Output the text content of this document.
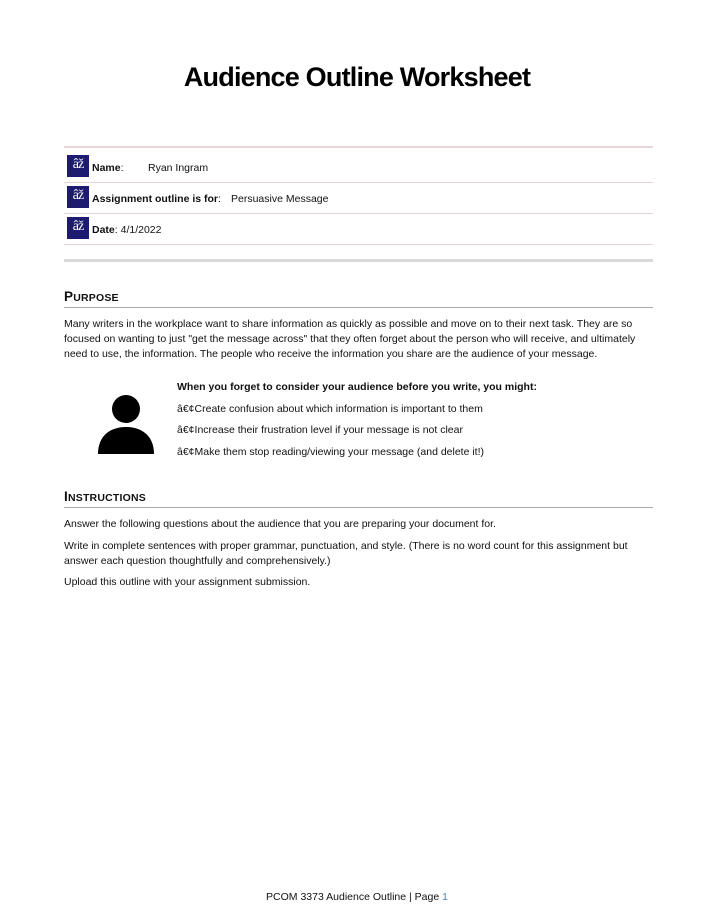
Audience Outline Worksheet
âž Name: Ryan Ingram
âž Assignment outline is for: Persuasive Message
âž Date: 4/1/2022
PURPOSE
Many writers in the workplace want to share information as quickly as possible and move on to their next task. They are so focused on wanting to just "get the message across" that they often forget about the person who will receive, and ultimately need to use, the information. The people who receive the information you share are the audience of your message.
When you forget to consider your audience before you write, you might:
â€¢Create confusion about which information is important to them
â€¢Increase their frustration level if your message is not clear
â€¢Make them stop reading/viewing your message (and delete it!)
INSTRUCTIONS
Answer the following questions about the audience that you are preparing your document for.
Write in complete sentences with proper grammar, punctuation, and style. (There is no word count for this assignment but answer each question thoughtfully and comprehensively.)
Upload this outline with your assignment submission.
PCOM 3373 Audience Outline | Page 1
